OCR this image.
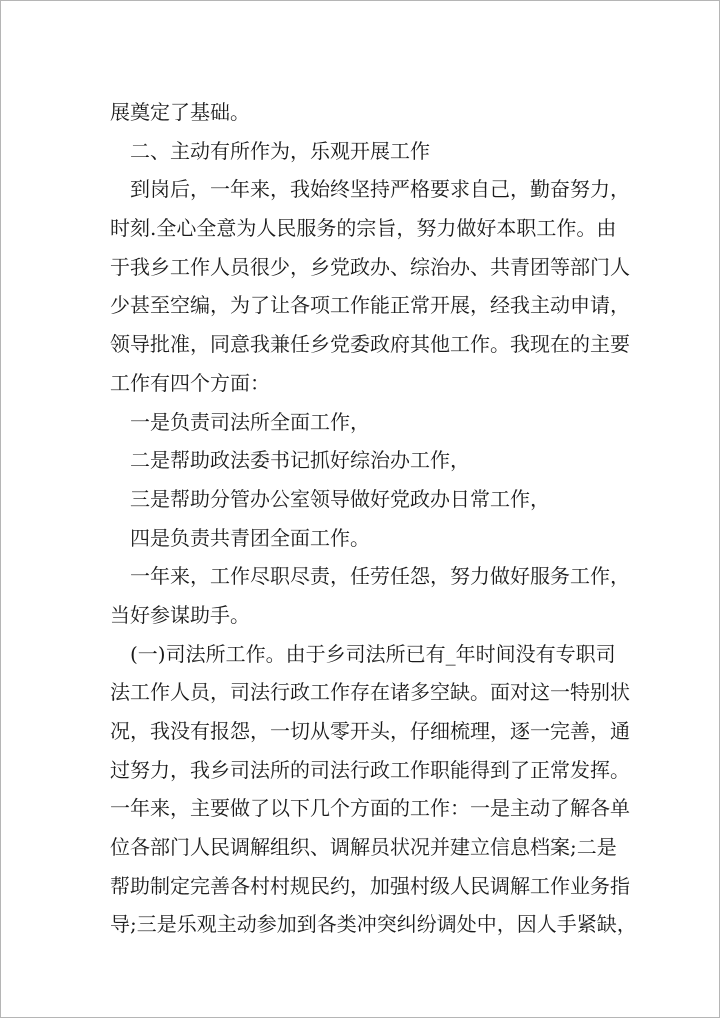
展奠定了基础。
二、主动有所作为，乐观开展工作
到岗后，一年来，我始终坚持严格要求自己，勤奋努力，
时刻.全心全意为人民服务的宗旨，努力做好本职工作。由
于我乡工作人员很少，乡党政办、综治办、共青团等部门人
少甚至空编，为了让各项工作能正常开展，经我主动申请，
领导批准，同意我兼任乡党委政府其他工作。我现在的主要
工作有四个方面：
一是负责司法所全面工作，
二是帮助政法委书记抓好综治办工作，
三是帮助分管办公室领导做好党政办日常工作，
四是负责共青团全面工作。
一年来，工作尽职尽责，任劳任怨，努力做好服务工作，
当好参谋助手。
(一)司法所工作。由于乡司法所已有_年时间没有专职司
法工作人员，司法行政工作存在诸多空缺。面对这一特别状
况，我没有报怨，一切从零开头，仔细梳理，逐一完善，通
过努力，我乡司法所的司法行政工作职能得到了正常发挥。
一年来，主要做了以下几个方面的工作：一是主动了解各单
位各部门人民调解组织、调解员状况并建立信息档案;二是
帮助制定完善各村村规民约，加强村级人民调解工作业务指
导;三是乐观主动参加到各类冲突纠纷调处中，因人手紧缺，
